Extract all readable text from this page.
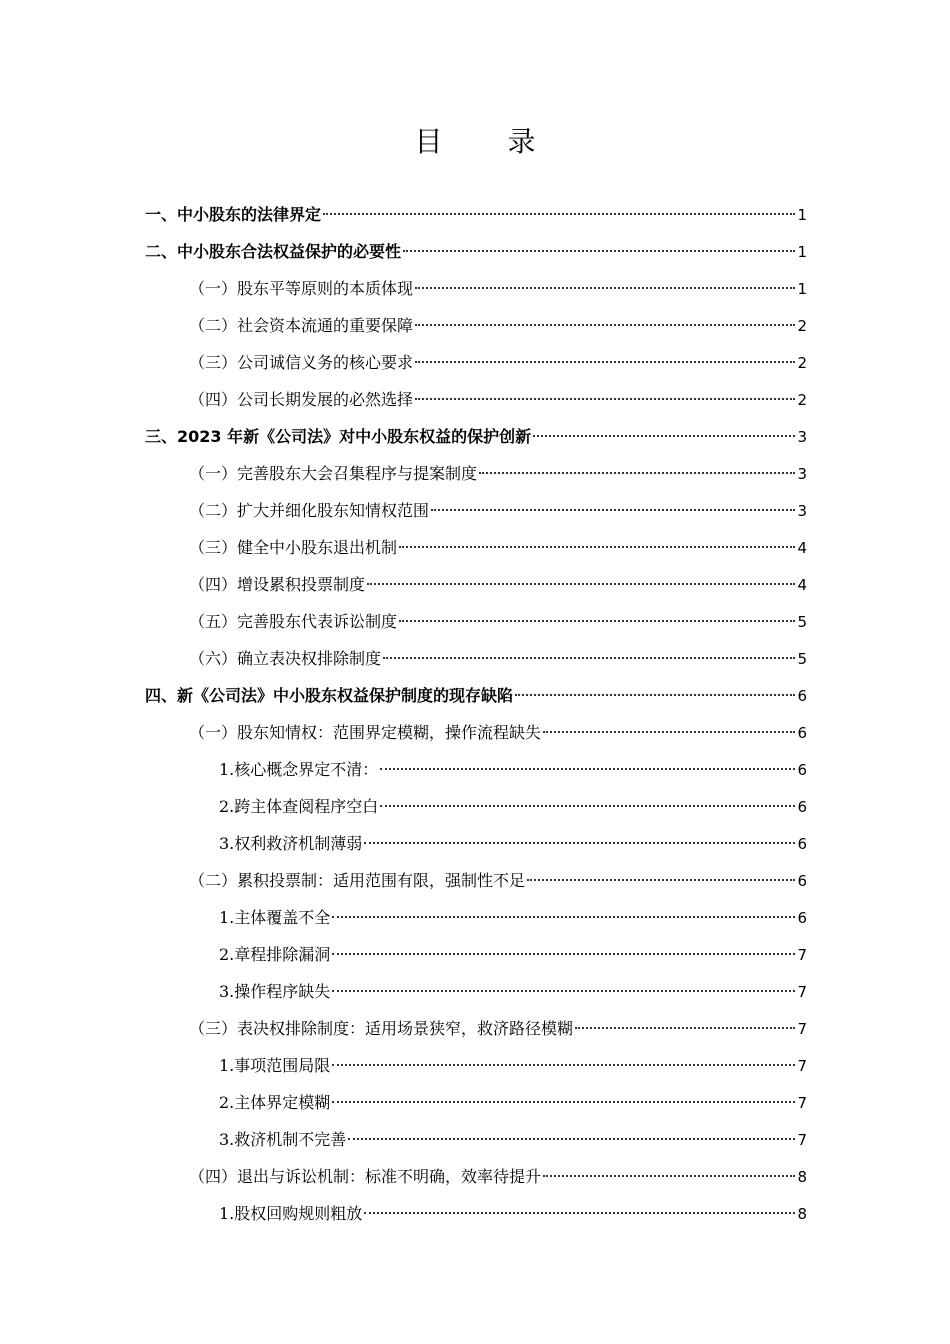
目 录
一、中小股东的法律界定	1
二、中小股东合法权益保护的必要性	1
（一）股东平等原则的本质体现	1
（二）社会资本流通的重要保障	2
（三）公司诚信义务的核心要求	2
（四）公司长期发展的必然选择	2
三、2023 年新《公司法》对中小股东权益的保护创新	3
（一）完善股东大会召集程序与提案制度	3
（二）扩大并细化股东知情权范围	3
（三）健全中小股东退出机制	4
（四）增设累积投票制度	4
（五）完善股东代表诉讼制度	5
（六）确立表决权排除制度	5
四、新《公司法》中小股东权益保护制度的现存缺陷	6
（一）股东知情权：范围界定模糊，操作流程缺失	6
1.核心概念界定不清：	6
2.跨主体查阅程序空白	6
3.权利救济机制薄弱	6
（二）累积投票制：适用范围有限，强制性不足	6
1.主体覆盖不全	6
2.章程排除漏洞	7
3.操作程序缺失	7
（三）表决权排除制度：适用场景狭窄，救济路径模糊	7
1.事项范围局限	7
2.主体界定模糊	7
3.救济机制不完善	7
（四）退出与诉讼机制：标准不明确，效率待提升	8
1.股权回购规则粗放	8
